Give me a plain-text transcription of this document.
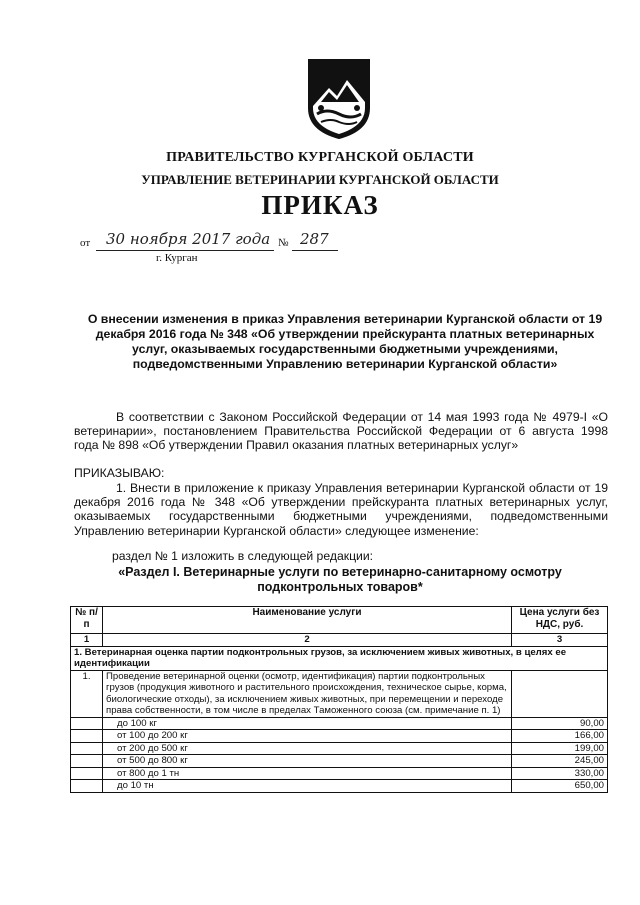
ПРАВИТЕЛЬСТВО КУРГАНСКОЙ ОБЛАСТИ
УПРАВЛЕНИЕ ВЕТЕРИНАРИИ КУРГАНСКОЙ ОБЛАСТИ
ПРИКАЗ
от 30 ноября 2017 года № 287
г. Курган
О внесении изменения в приказ Управления ветеринарии Курганской области от 19 декабря 2016 года № 348 «Об утверждении прейскуранта платных ветеринарных услуг, оказываемых государственными бюджетными учреждениями, подведомственными Управлению ветеринарии Курганской области»
В соответствии с Законом Российской Федерации от 14 мая 1993 года № 4979-I «О ветеринарии», постановлением Правительства Российской Федерации от 6 августа 1998 года № 898 «Об утверждении Правил оказания платных ветеринарных услуг»
ПРИКАЗЫВАЮ:
1. Внести в приложение к приказу Управления ветеринарии Курганской области от 19 декабря 2016 года № 348 «Об утверждении прейскуранта платных ветеринарных услуг, оказываемых государственными бюджетными учреждениями, подведомственными Управлению ветеринарии Курганской области» следующее изменение:
раздел № 1 изложить в следующей редакции:
«Раздел I. Ветеринарные услуги по ветеринарно-санитарному осмотру подконтрольных товаров*
№ п/п	Наименование услуги	Цена услуги без НДС, руб.
1	2	3
1. Ветеринарная оценка партии подконтрольных грузов, за исключением живых животных, в целях ее идентификации		
1.	Проведение ветеринарной оценки (осмотр, идентификация) партии подконтрольных грузов (продукция животного и растительного происхождения, техническое сырье, корма, биологические отходы), за исключением живых животных, при перемещении и переходе права собственности, в том числе в пределах Таможенного союза (см. примечание п. 1)	
	до 100 кг	90,00
	от 100 до 200 кг	166,00
	от 200 до 500 кг	199,00
	от 500 до 800 кг	245,00
	от 800 до 1 тн	330,00
	до 10 тн	650,00
